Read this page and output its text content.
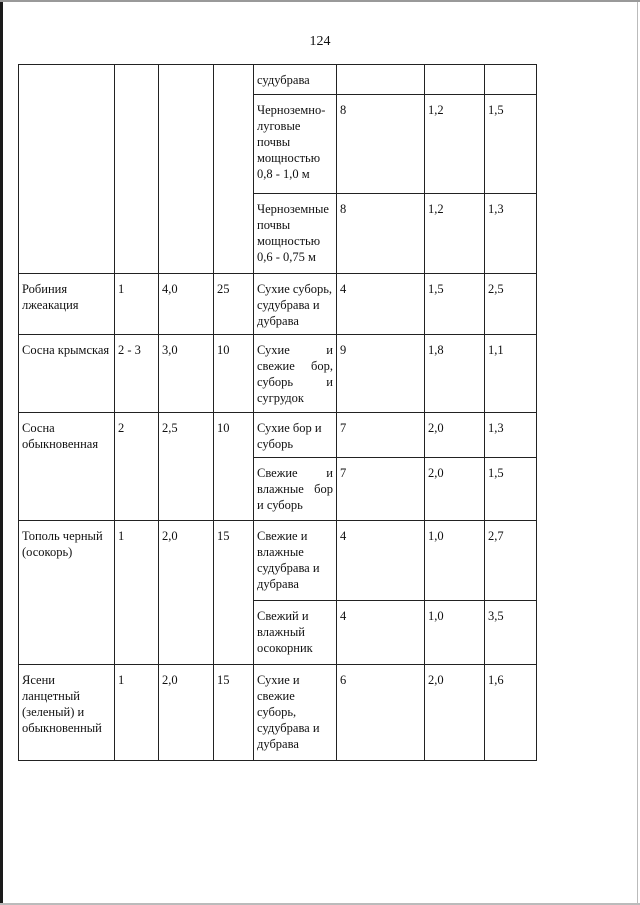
124
				судубрава			
				Черноземно-луговые почвы мощностью 0,8 - 1,0 м	8	1,2	1,5
				Черноземные почвы мощностью 0,6 - 0,75 м	8	1,2	1,3
Робиния лжеакация	1	4,0	25	Сухие суборь, судубрава и дубрава	4	1,5	2,5
Сосна крымская	2 - 3	3,0	10	Сухие и свежие бор, суборь и сугрудок	9	1,8	1,1
Сосна обыкновенная	2	2,5	10	Сухие бор и суборь	7	2,0	1,3
				Свежие и влажные бор и суборь	7	2,0	1,5
Тополь черный (осокорь)	1	2,0	15	Свежие и влажные судубрава и дубрава	4	1,0	2,7
				Свежий и влажный осокорник	4	1,0	3,5
Ясени ланцетный (зеленый) и обыкновенный	1	2,0	15	Сухие и свежие суборь, судубрава и дубрава	6	2,0	1,6
